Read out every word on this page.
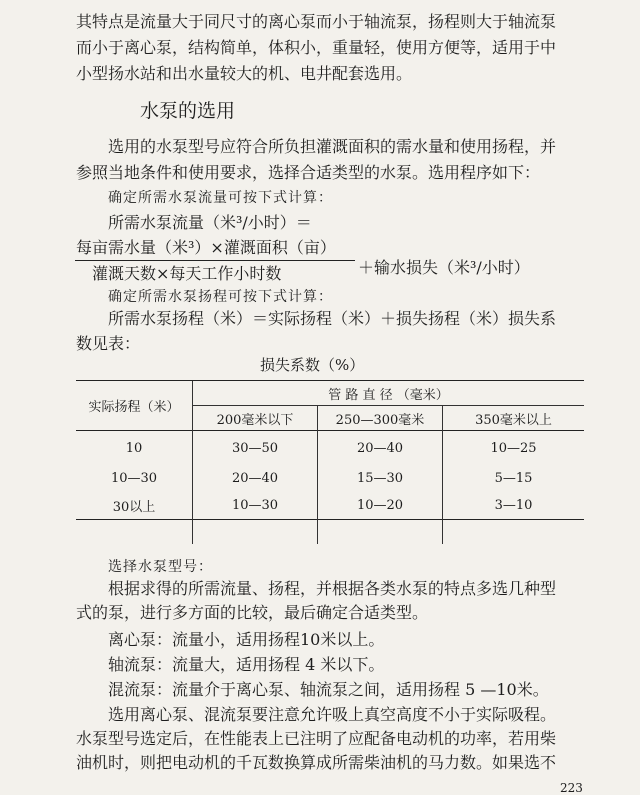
其特点是流量大于同尺寸的离心泵而小于轴流泵，扬程则大于轴流泵
而小于离心泵，结构简单，体积小，重量轻，使用方便等，适用于中
小型扬水站和出水量较大的机、电井配套选用。
水泵的选用
选用的水泵型号应符合所负担灌溉面积的需水量和使用扬程，并
参照当地条件和使用要求，选择合适类型的水泵。选用程序如下：
确定所需水泵流量可按下式计算：
所需水泵流量（米³/小时）＝
每亩需水量（米³）×灌溉面积（亩）
灌溉天数×每天工作小时数	＋输水损失（米³/小时）
确定所需水泵扬程可按下式计算：
所需水泵扬程（米）＝实际扬程（米）＋损失扬程（米）损失系
数见表：
损失系数（%）
实际扬程（米）	管 路 直 径 （毫米）		
	200毫米以下	250—300毫米	350毫米以上
10	30—50	20—40	10—25
10—30	20—40	15—30	5—15
30以上	10—30	10—20	3—10

选择水泵型号：
根据求得的所需流量、扬程，并根据各类水泵的特点多选几种型
式的泵，进行多方面的比较，最后确定合适类型。
离心泵：流量小，适用扬程10米以上。
轴流泵：流量大，适用扬程 4 米以下。
混流泵：流量介于离心泵、轴流泵之间，适用扬程 5 —10米。
选用离心泵、混流泵要注意允许吸上真空高度不小于实际吸程。
水泵型号选定后，在性能表上已注明了应配备电动机的功率，若用柴
油机时，则把电动机的千瓦数换算成所需柴油机的马力数。如果选不
223
